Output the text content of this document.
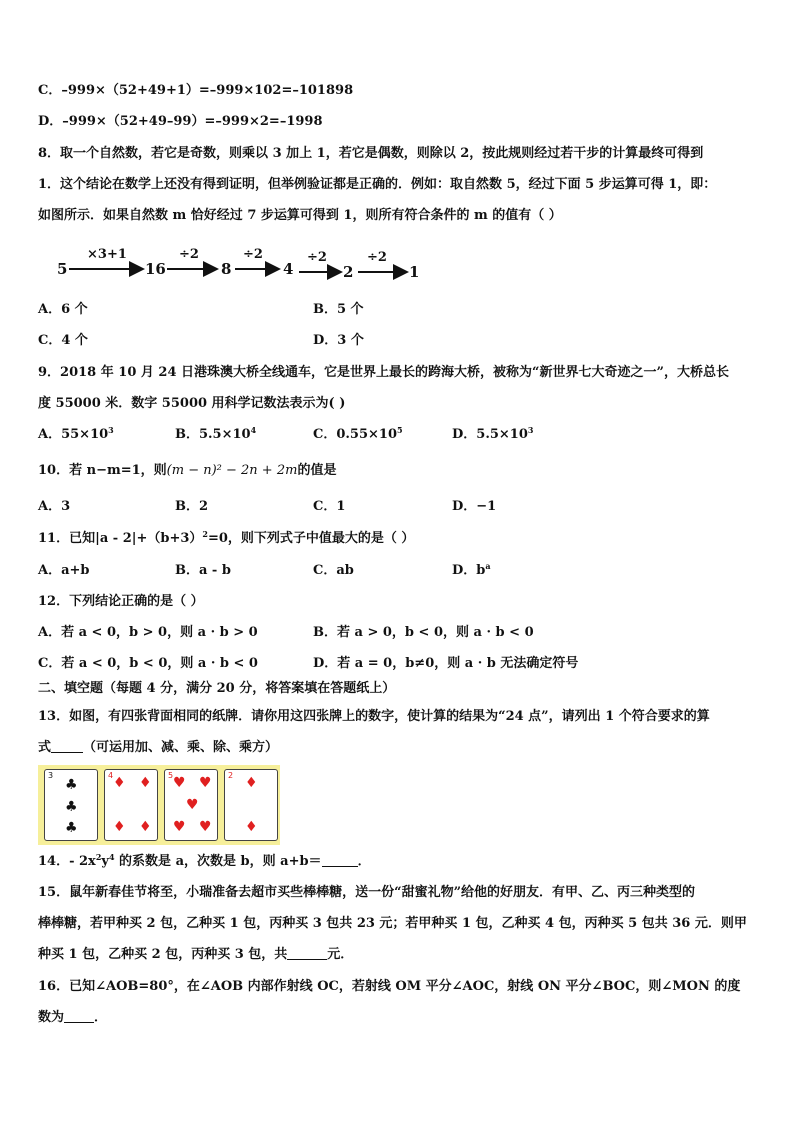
C．–999×（52+49+1）=–999×102=–101898
D．–999×（52+49–99）=–999×2=–1998
8．取一个自然数，若它是奇数，则乘以 3 加上 1，若它是偶数，则除以 2，按此规则经过若干步的计算最终可得到
1．这个结论在数学上还没有得到证明，但举例验证都是正确的．例如：取自然数 5，经过下面 5 步运算可得 1，即：
如图所示．如果自然数 m 恰好经过 7 步运算可得到 1，则所有符合条件的 m 的值有（ ）
5
×3+1
16
÷2
8
÷2
4
÷2
2
÷2
1
A．6 个	B．5 个
C．4 个	D．3 个
9．2018 年 10 月 24 日港珠澳大桥全线通车，它是世界上最长的跨海大桥，被称为“新世界七大奇迹之一”，大桥总长
度 55000 米．数字 55000 用科学记数法表示为( )
A．$55\times 10^3$	B．$5.5\times 10^4$	C．$0.55\times 10^5$	D．$5.5\times 10^3$
10．若 n−m=1，则(m − n)² − 2n + 2m的值是
A．3	B．2	C．1	D．−1
11．已知$|a - 2|+(b+3)^2=0$，则下列式子中值最大的是（ ）
A．a+b	B．a - b	C．ab	D．$b^a$
12．下列结论正确的是（ ）
A．若 a < 0，b > 0，则 a · b > 0	B．若 a > 0，b < 0，则 a · b < 0
C．若 a < 0，b < 0，则 a · b < 0	D．若 a = 0，b≠0，则 a · b 无法确定符号
二、填空题（每题 4 分，满分 20 分，将答案填在答题纸上）
13．如图，有四张背面相同的纸牌．请你用这四张牌上的数字，使计算的结果为“24 点”，请列出 1 个符合要求的算
式 （可运用加、减、乘、除、乘方）
3
♣
♣
♣
4 ♦ ♦
♦ ♦
5 ♥ ♥
♥
♥ ♥
2 ♦
♦
14．- $2x^2y^4$ 的系数是 a，次数是 b，则 a+b＝	．
15．鼠年新春佳节将至，小瑞准备去超市买些棒棒糖，送一份“甜蜜礼物”给他的好朋友．有甲、乙、丙三种类型的
棒棒糖，若甲种买 2 包，乙种买 1 包，丙种买 3 包共 23 元；若甲种买 1 包，乙种买 4 包，丙种买 5 包共 36 元．则甲
种买 1 包，乙种买 2 包，丙种买 3 包，共	元．
16．已知∠AOB=80°，在∠AOB 内部作射线 OC，若射线 OM 平分∠AOC，射线 ON 平分∠BOC，则∠MON 的度
数为 ．
